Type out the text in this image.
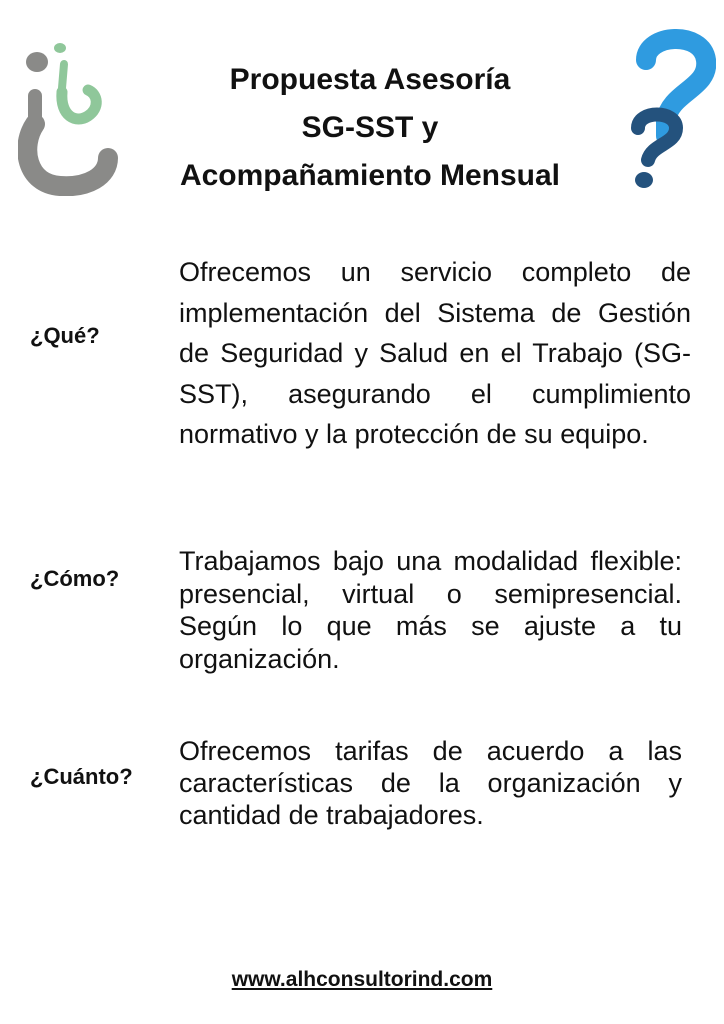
Propuesta Asesoría
SG-SST y
Acompañamiento Mensual
¿Qué?
Ofrecemos un servicio completo de implementación del Sistema de Gestión de Seguridad y Salud en el Trabajo (SG-SST), asegurando el cumplimiento normativo y la protección de su equipo.
¿Cómo?
Trabajamos bajo una modalidad flexible: presencial, virtual o semipresencial. Según lo que más se ajuste a tu organización.
¿Cuánto?
Ofrecemos tarifas de acuerdo a las características de la organización y cantidad de trabajadores.
www.alhconsultorind.com
